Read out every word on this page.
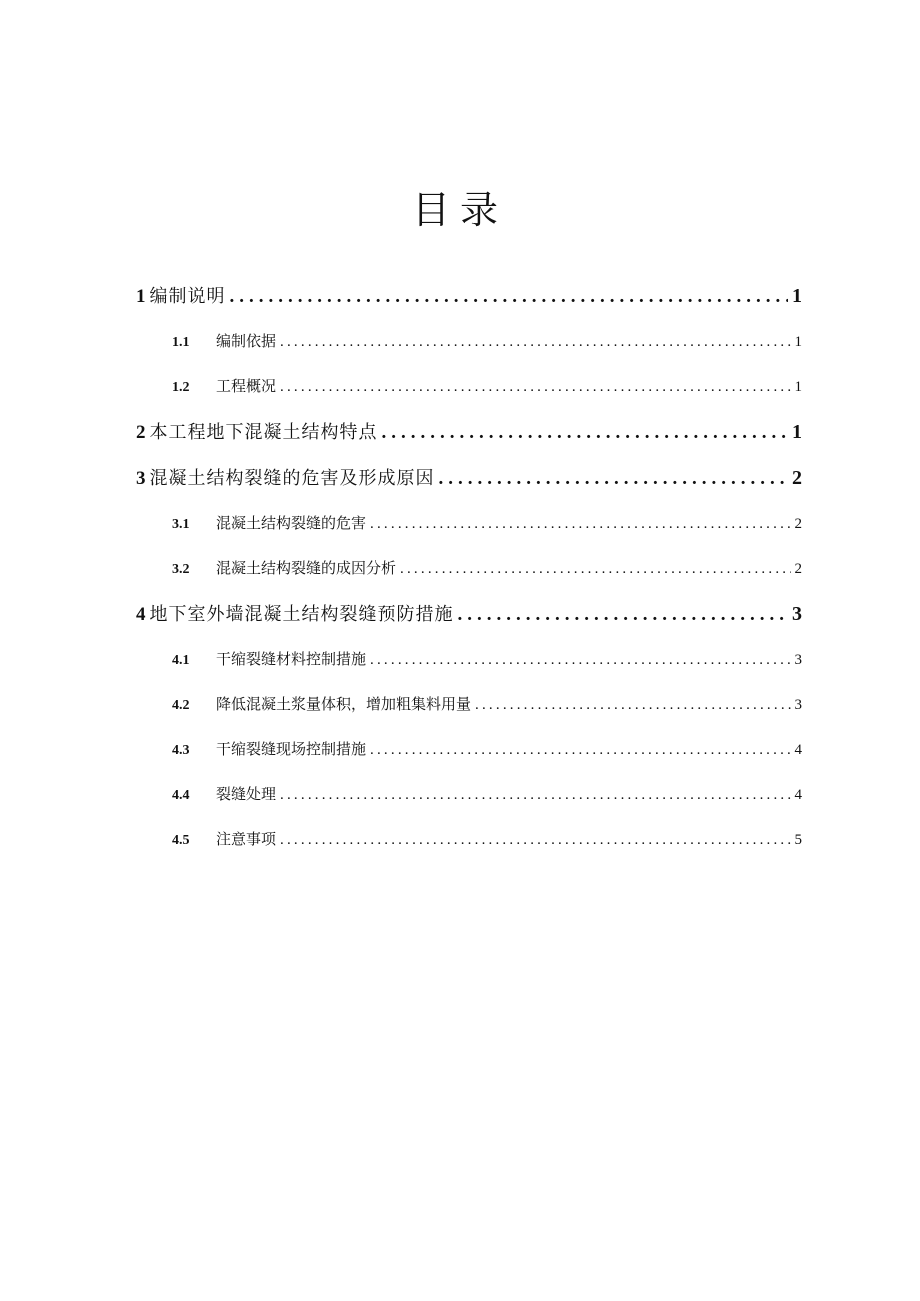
目录
1 编制说明 .....	1
1.1	编制依据 .....	1
1.2	工程概况 .....	1
2 本工程地下混凝土结构特点 .....	1
3 混凝土结构裂缝的危害及形成原因 .....	2
3.1	混凝土结构裂缝的危害 .....	2
3.2	混凝土结构裂缝的成因分析 .....	2
4 地下室外墙混凝土结构裂缝预防措施 .....	3
4.1	干缩裂缝材料控制措施 .....	3
4.2	降低混凝土浆量体积，增加粗集料用量 .....	3
4.3	干缩裂缝现场控制措施 .....	4
4.4	裂缝处理 .....	4
4.5	注意事项 .....	5
